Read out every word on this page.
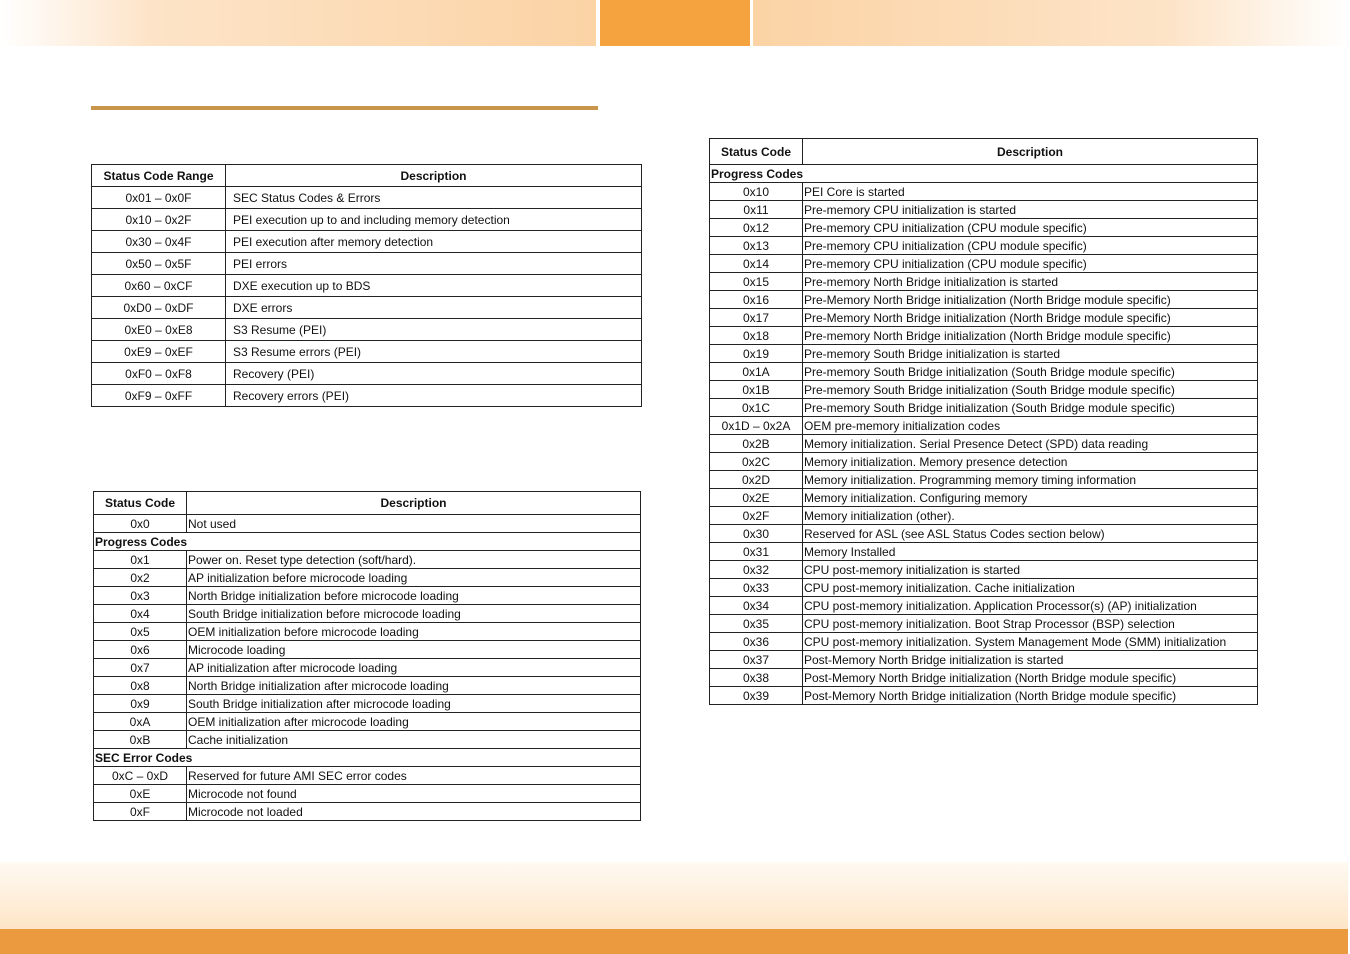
Status Code Range	Description
0x01 – 0x0F	SEC Status Codes & Errors
0x10 – 0x2F	PEI execution up to and including memory detection
0x30 – 0x4F	PEI execution after memory detection
0x50 – 0x5F	PEI errors
0x60 – 0xCF	DXE execution up to BDS
0xD0 – 0xDF	DXE errors
0xE0 – 0xE8	S3 Resume (PEI)
0xE9 – 0xEF	S3 Resume errors (PEI)
0xF0 – 0xF8	Recovery (PEI)
0xF9 – 0xFF	Recovery errors (PEI)
Status Code	Description
0x0	Not used
Progress Codes	
0x1	Power on. Reset type detection (soft/hard).
0x2	AP initialization before microcode loading
0x3	North Bridge initialization before microcode loading
0x4	South Bridge initialization before microcode loading
0x5	OEM initialization before microcode loading
0x6	Microcode loading
0x7	AP initialization after microcode loading
0x8	North Bridge initialization after microcode loading
0x9	South Bridge initialization after microcode loading
0xA	OEM initialization after microcode loading
0xB	Cache initialization
SEC Error Codes	
0xC – 0xD	Reserved for future AMI SEC error codes
0xE	Microcode not found
0xF	Microcode not loaded
Status Code	Description
Progress Codes	
0x10	PEI Core is started
0x11	Pre-memory CPU initialization is started
0x12	Pre-memory CPU initialization (CPU module specific)
0x13	Pre-memory CPU initialization (CPU module specific)
0x14	Pre-memory CPU initialization (CPU module specific)
0x15	Pre-memory North Bridge initialization is started
0x16	Pre-Memory North Bridge initialization (North Bridge module specific)
0x17	Pre-Memory North Bridge initialization (North Bridge module specific)
0x18	Pre-memory North Bridge initialization (North Bridge module specific)
0x19	Pre-memory South Bridge initialization is started
0x1A	Pre-memory South Bridge initialization (South Bridge module specific)
0x1B	Pre-memory South Bridge initialization (South Bridge module specific)
0x1C	Pre-memory South Bridge initialization (South Bridge module specific)
0x1D – 0x2A	OEM pre-memory initialization codes
0x2B	Memory initialization. Serial Presence Detect (SPD) data reading
0x2C	Memory initialization. Memory presence detection
0x2D	Memory initialization. Programming memory timing information
0x2E	Memory initialization. Configuring memory
0x2F	Memory initialization (other).
0x30	Reserved for ASL (see ASL Status Codes section below)
0x31	Memory Installed
0x32	CPU post-memory initialization is started
0x33	CPU post-memory initialization. Cache initialization
0x34	CPU post-memory initialization. Application Processor(s) (AP) initialization
0x35	CPU post-memory initialization. Boot Strap Processor (BSP) selection
0x36	CPU post-memory initialization. System Management Mode (SMM) initialization
0x37	Post-Memory North Bridge initialization is started
0x38	Post-Memory North Bridge initialization (North Bridge module specific)
0x39	Post-Memory North Bridge initialization (North Bridge module specific)
